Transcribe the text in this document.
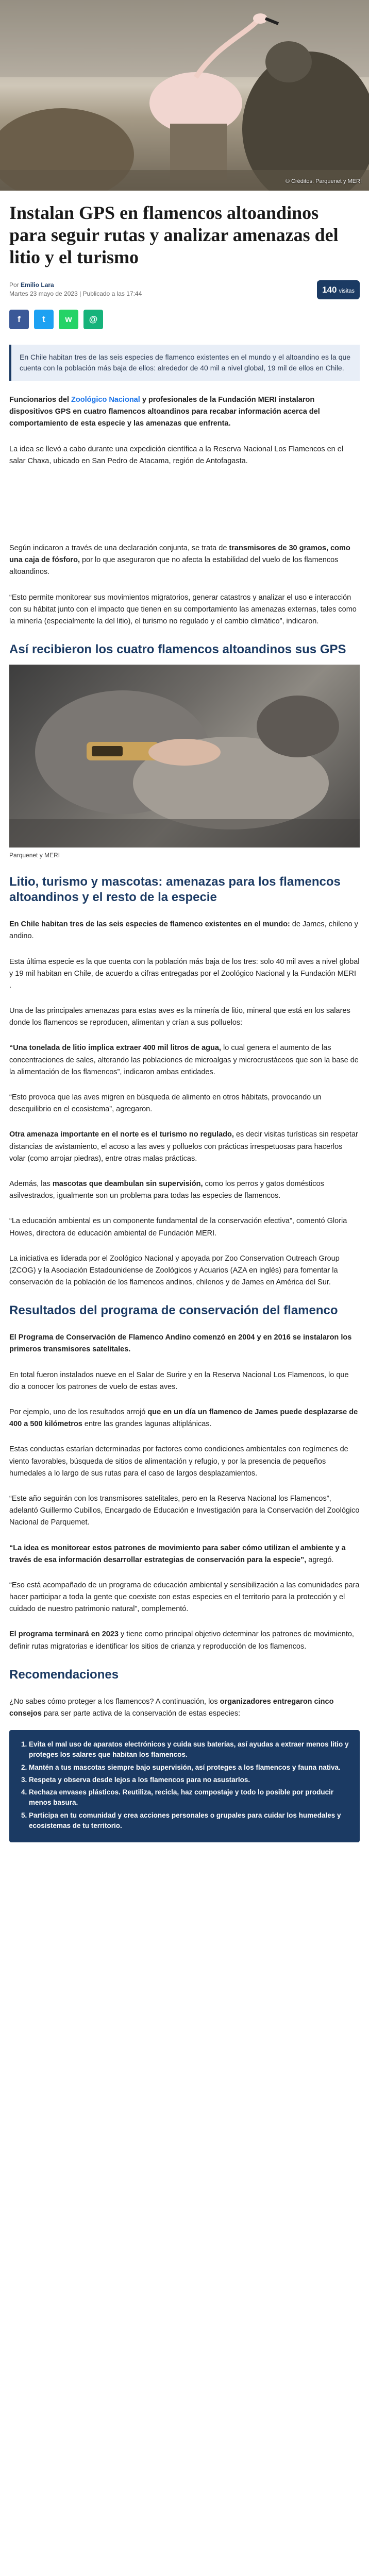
© Créditos: Parquenet y MERI
Instalan GPS en flamencos altoandinos para seguir rutas y analizar amenazas del litio y el turismo
Por Emilio Lara
Martes 23 mayo de 2023 | Publicado a las 17:44	140 visitas
f t w @
En Chile habitan tres de las seis especies de flamenco existentes en el mundo y el altoandino es la que cuenta con la población más baja de ellos: alrededor de 40 mil a nivel global, 19 mil de ellos en Chile.

Funcionarios del Zoológico Nacional y profesionales de la Fundación MERI instalaron dispositivos GPS en cuatro flamencos altoandinos para recabar información acerca del comportamiento de esta especie y las amenazas que enfrenta.

La idea se llevó a cabo durante una expedición científica a la Reserva Nacional Los Flamencos en el salar Chaxa, ubicado en San Pedro de Atacama, región de Antofagasta.

Según indicaron a través de una declaración conjunta, se trata de transmisores de 30 gramos, como una caja de fósforo, por lo que aseguraron que no afecta la estabilidad del vuelo de los flamencos altoandinos.

“Esto permite monitorear sus movimientos migratorios, generar catastros y analizar el uso e interacción con su hábitat junto con el impacto que tienen en su comportamiento las amenazas externas, tales como la minería (especialmente la del litio), el turismo no regulado y el cambio climático”, indicaron.

Así recibieron los cuatro flamencos altoandinos sus GPS
Parquenet y MERI
Litio, turismo y mascotas: amenazas para los flamencos altoandinos y el resto de la especie

En Chile habitan tres de las seis especies de flamenco existentes en el mundo: de James, chileno y andino.

Esta última especie es la que cuenta con la población más baja de los tres: solo 40 mil aves a nivel global y 19 mil habitan en Chile, de acuerdo a cifras entregadas por el Zoológico Nacional y la Fundación MERI .

Una de las principales amenazas para estas aves es la minería de litio, mineral que está en los salares donde los flamencos se reproducen, alimentan y crían a sus polluelos:

“Una tonelada de litio implica extraer 400 mil litros de agua, lo cual genera el aumento de las concentraciones de sales, alterando las poblaciones de microalgas y microcrustáceos que son la base de la alimentación de los flamencos”, indicaron ambas entidades.

“Esto provoca que las aves migren en búsqueda de alimento en otros hábitats, provocando un desequilibrio en el ecosistema”, agregaron.

Otra amenaza importante en el norte es el turismo no regulado, es decir visitas turísticas sin respetar distancias de avistamiento, el acoso a las aves y polluelos con prácticas irrespetuosas para hacerlos volar (como arrojar piedras), entre otras malas prácticas.

Además, las mascotas que deambulan sin supervisión, como los perros y gatos domésticos asilvestrados, igualmente son un problema para todas las especies de flamencos.

“La educación ambiental es un componente fundamental de la conservación efectiva”, comentó Gloria Howes, directora de educación ambiental de Fundación MERI.

La iniciativa es liderada por el Zoológico Nacional y apoyada por Zoo Conservation Outreach Group (ZCOG) y la Asociación Estadounidense de Zoológicos y Acuarios (AZA en inglés) para fomentar la conservación de la población de los flamencos andinos, chilenos y de James en América del Sur.

Resultados del programa de conservación del flamenco

El Programa de Conservación de Flamenco Andino comenzó en 2004 y en 2016 se instalaron los primeros transmisores satelitales.

En total fueron instalados nueve en el Salar de Surire y en la Reserva Nacional Los Flamencos, lo que dio a conocer los patrones de vuelo de estas aves.

Por ejemplo, uno de los resultados arrojó que en un día un flamenco de James puede desplazarse de 400 a 500 kilómetros entre las grandes lagunas altiplánicas.

Estas conductas estarían determinadas por factores como condiciones ambientales con regímenes de viento favorables, búsqueda de sitios de alimentación y refugio, y por la presencia de pequeños humedales a lo largo de sus rutas para el caso de largos desplazamientos.

“Este año seguirán con los transmisores satelitales, pero en la Reserva Nacional los Flamencos”, adelantó Guillermo Cubillos, Encargado de Educación e Investigación para la Conservación del Zoológico Nacional de Parquemet.

“La idea es monitorear estos patrones de movimiento para saber cómo utilizan el ambiente y a través de esa información desarrollar estrategias de conservación para la especie”, agregó.

“Eso está acompañado de un programa de educación ambiental y sensibilización a las comunidades para hacer participar a toda la gente que coexiste con estas especies en el territorio para la protección y el cuidado de nuestro patrimonio natural”, complementó.

El programa terminará en 2023 y tiene como principal objetivo determinar los patrones de movimiento, definir rutas migratorias e identificar los sitios de crianza y reproducción de los flamencos.

Recomendaciones

¿No sabes cómo proteger a los flamencos? A continuación, los organizadores entregaron cinco consejos para ser parte activa de la conservación de estas especies:

1. Evita el mal uso de aparatos electrónicos y cuida sus baterías, así ayudas a extraer menos litio y proteges los salares que habitan los flamencos.
2. Mantén a tus mascotas siempre bajo supervisión, así proteges a los flamencos y fauna nativa.
3. Respeta y observa desde lejos a los flamencos para no asustarlos.
4. Rechaza envases plásticos. Reutiliza, recicla, haz compostaje y todo lo posible por producir menos basura.
5. Participa en tu comunidad y crea acciones personales o grupales para cuidar los humedales y ecosistemas de tu territorio.
